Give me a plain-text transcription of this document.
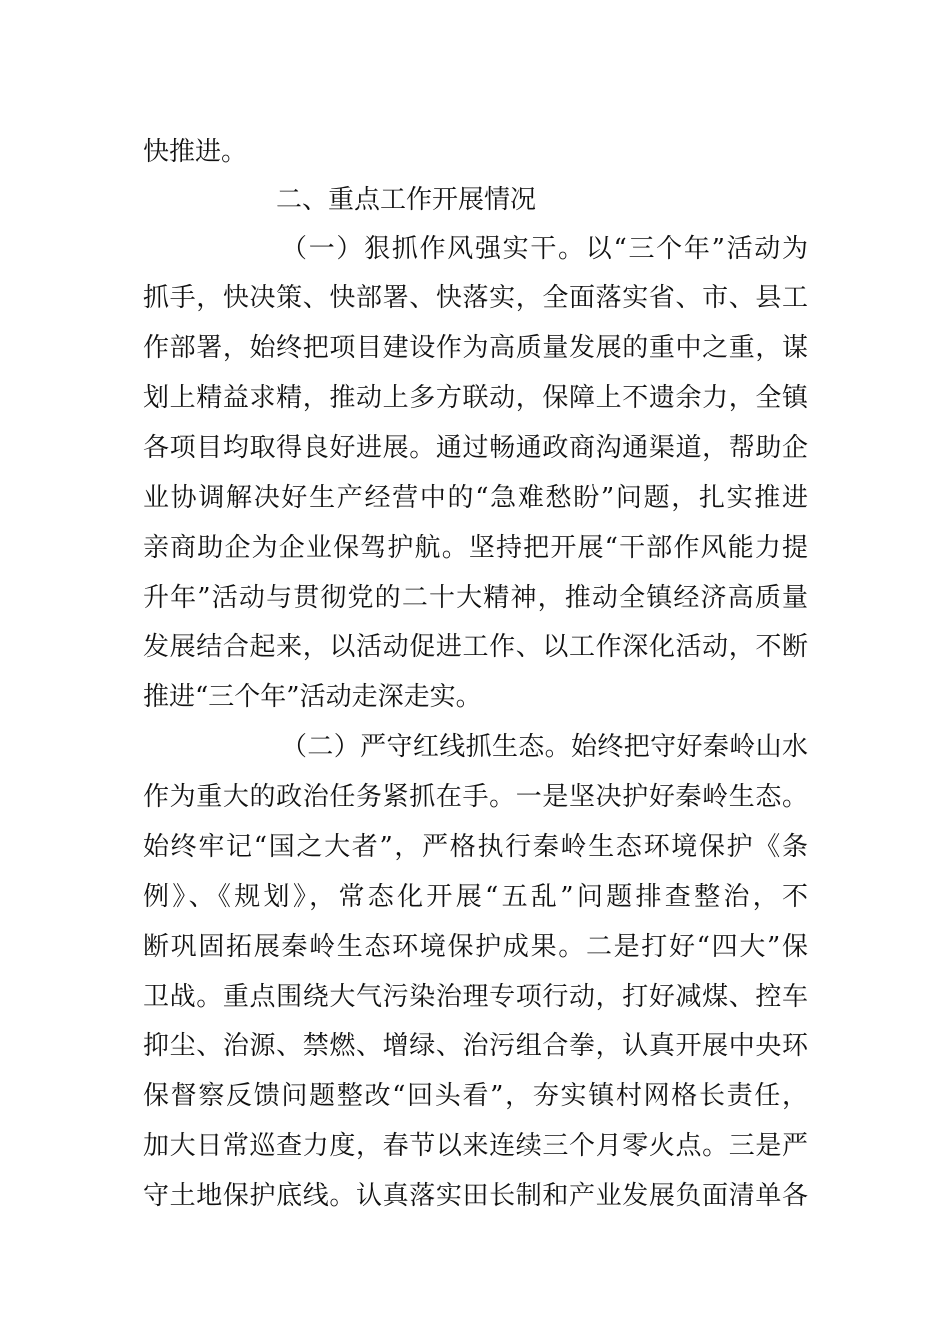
快推进。
二、重点工作开展情况
（一）狠抓作风强实干。以“三个年”活动为
抓手，快决策、快部署、快落实，全面落实省、市、县工
作部署，始终把项目建设作为高质量发展的重中之重，谋
划上精益求精，推动上多方联动，保障上不遗余力，全镇
各项目均取得良好进展。通过畅通政商沟通渠道，帮助企
业协调解决好生产经营中的“急难愁盼”问题，扎实推进
亲商助企为企业保驾护航。坚持把开展“干部作风能力提
升年”活动与贯彻党的二十大精神，推动全镇经济高质量
发展结合起来，以活动促进工作、以工作深化活动，不断
推进“三个年”活动走深走实。
（二）严守红线抓生态。始终把守好秦岭山水
作为重大的政治任务紧抓在手。一是坚决护好秦岭生态。
始终牢记“国之大者”，严格执行秦岭生态环境保护《条
例》、《规划》，常态化开展“五乱”问题排查整治，不
断巩固拓展秦岭生态环境保护成果。二是打好“四大”保
卫战。重点围绕大气污染治理专项行动，打好减煤、控车
抑尘、治源、禁燃、增绿、治污组合拳，认真开展中央环
保督察反馈问题整改“回头看”，夯实镇村网格长责任，
加大日常巡查力度，春节以来连续三个月零火点。三是严
守土地保护底线。认真落实田长制和产业发展负面清单各
